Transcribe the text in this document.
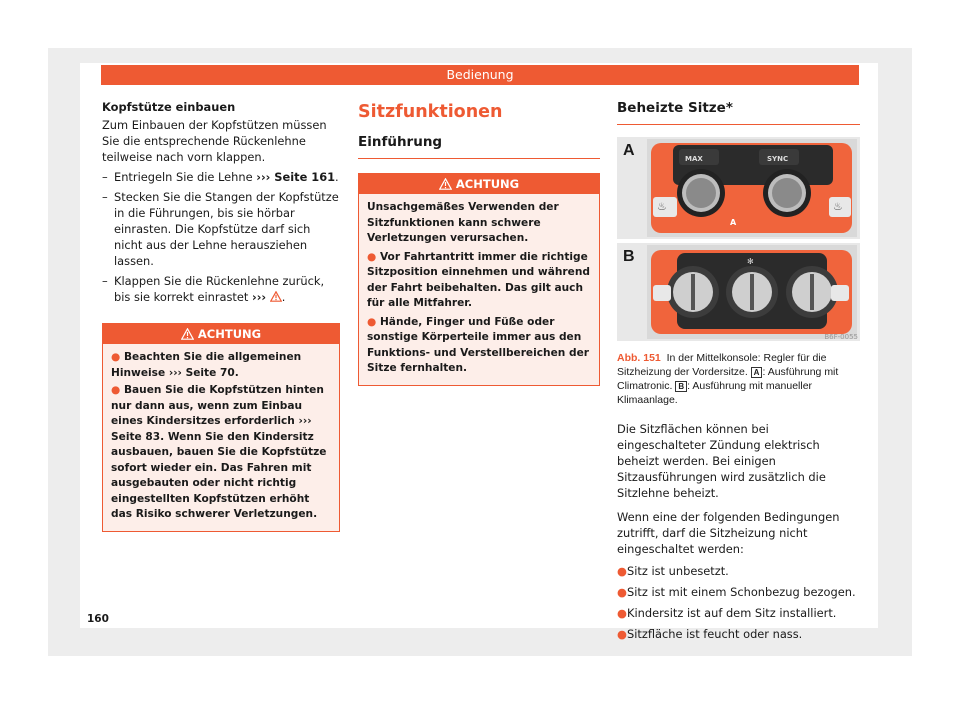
Bedienung

Kopfstütze einbauen

Zum Einbauen der Kopfstützen müssen Sie die entsprechende Rückenlehne teilweise nach vorn klappen.

– Entriegeln Sie die Lehne ››› Seite 161.
– Stecken Sie die Stangen der Kopfstütze in die Führungen, bis sie hörbar einrasten. Die Kopfstütze darf sich nicht aus der Lehne herausziehen lassen.
– Klappen Sie die Rückenlehne zurück, bis sie korrekt einrastet ››› .
ACHTUNG

● Beachten Sie die allgemeinen Hinweise ››› Seite 70.

● Bauen Sie die Kopfstützen hinten nur dann aus, wenn zum Einbau eines Kindersitzes erforderlich ››› Seite 83. Wenn Sie den Kindersitz ausbauen, bauen Sie die Kopfstütze sofort wieder ein. Das Fahren mit ausgebauten oder nicht richtig eingestellten Kopfstützen erhöht das Risiko schwerer Verletzungen.

Sitzfunktionen
Einführung
ACHTUNG

Unsachgemäßes Verwenden der Sitzfunktionen kann schwere Verletzungen verursachen.

● Vor Fahrtantritt immer die richtige Sitzposition einnehmen und während der Fahrt beibehalten. Das gilt auch für alle Mitfahrer.

● Hände, Finger und Füße oder sonstige Körperteile immer aus den Funktions- und Verstellbereichen der Sitze fernhalten.

Beheizte Sitze*
A
B
MAX	SYNC
A
♨	♨
✻
B6F-0055
Abb. 151 In der Mittelkonsole: Regler für die Sitzheizung der Vordersitze. A : Ausführung mit Climatronic. B : Ausführung mit manueller Klimaanlage.

Die Sitzflächen können bei eingeschalteter Zündung elektrisch beheizt werden. Bei einigen Sitzausführungen wird zusätzlich die Sitzlehne beheizt.

Wenn eine der folgenden Bedingungen zutrifft, darf die Sitzheizung nicht eingeschaltet werden:

● Sitz ist unbesetzt.
● Sitz ist mit einem Schonbezug bezogen.
● Kindersitz ist auf dem Sitz installiert.
● Sitzfläche ist feucht oder nass.
160
